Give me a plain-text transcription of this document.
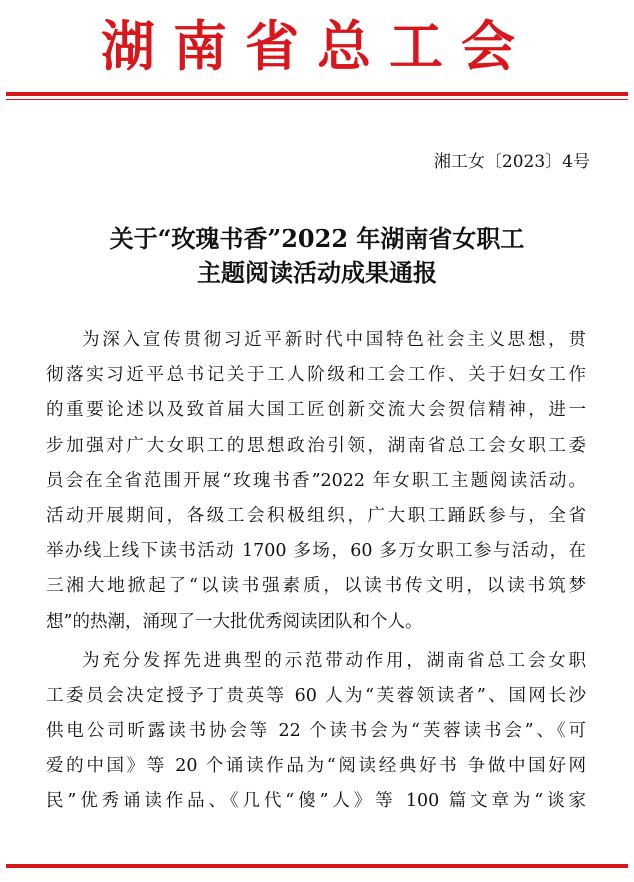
湖南省总工会
湘工女〔2023〕4号
关于“玫瑰书香”2022 年湖南省女职工
主题阅读活动成果通报
为深入宣传贯彻习近平新时代中国特色社会主义思想，贯
彻落实习近平总书记关于工人阶级和工会工作、关于妇女工作
的重要论述以及致首届大国工匠创新交流大会贺信精神，进一
步加强对广大女职工的思想政治引领，湖南省总工会女职工委
员会在全省范围开展“玫瑰书香”2022 年女职工主题阅读活动。
活动开展期间，各级工会积极组织，广大职工踊跃参与，全省
举办线上线下读书活动 1700 多场，60 多万女职工参与活动，在
三湘大地掀起了“以读书强素质，以读书传文明，以读书筑梦
想”的热潮，涌现了一大批优秀阅读团队和个人。
为充分发挥先进典型的示范带动作用，湖南省总工会女职
工委员会决定授予丁贵英等 60 人为“芙蓉领读者”、国网长沙
供电公司昕露读书协会等 22 个读书会为“芙蓉读书会”、《可
爱的中国》等 20 个诵读作品为“阅读经典好书 争做中国好网
民”优秀诵读作品、《几代“傻”人》等 100 篇文章为“谈家
